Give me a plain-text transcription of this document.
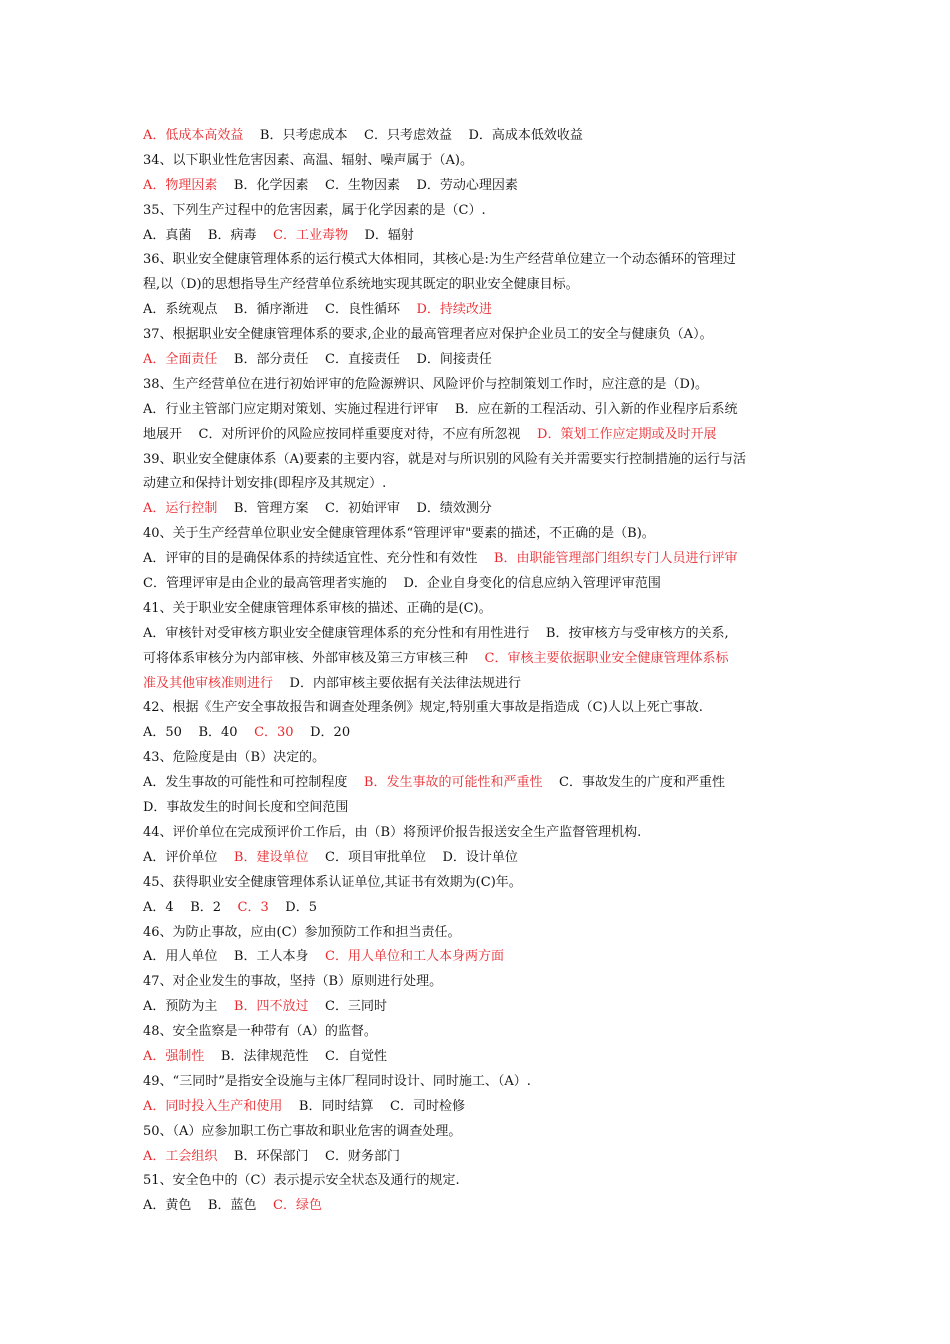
A．低成本高效益    B．只考虑成本    C．只考虑效益    D．高成本低效收益
34、以下职业性危害因素、高温、辐射、噪声属于（A)。
A．物理因素    B．化学因素    C．生物因素    D．劳动心理因素
35、下列生产过程中的危害因素，属于化学因素的是（C）.
A．真菌    B．病毒    C．工业毒物    D．辐射
36、职业安全健康管理体系的运行模式大体相同，其核心是:为生产经营单位建立一个动态循环的管理过
程,以（D)的思想指导生产经营单位系统地实现其既定的职业安全健康目标。
A．系统观点    B．循序渐进    C．良性循环    D．持续改进
37、根据职业安全健康管理体系的要求,企业的最高管理者应对保护企业员工的安全与健康负（A）。
A．全面责任    B．部分责任    C．直接责任    D．间接责任
38、生产经营单位在进行初始评审的危险源辨识、风险评价与控制策划工作时，应注意的是（D)。
A．行业主管部门应定期对策划、实施过程进行评审    B．应在新的工程活动、引入新的作业程序后系统
地展开    C．对所评价的风险应按同样重要度对待，不应有所忽视    D．策划工作应定期或及时开展
39、职业安全健康体系（A)要素的主要内容，就是对与所识别的风险有关并需要实行控制措施的运行与活
动建立和保持计划安排(即程序及其规定）.
A．运行控制    B．管理方案    C．初始评审    D．绩效测分
40、关于生产经营单位职业安全健康管理体系“管理评审"要素的描述，不正确的是（B)。
A．评审的目的是确保体系的持续适宜性、充分性和有效性    B．由职能管理部门组织专门人员进行评审
C．管理评审是由企业的最高管理者实施的    D．企业自身变化的信息应纳入管理评审范围
41、关于职业安全健康管理体系审核的描述、正确的是(C)。
A．审核针对受审核方职业安全健康管理体系的充分性和有用性进行    B．按审核方与受审核方的关系,
可将体系审核分为内部审核、外部审核及第三方审核三种    C．审核主要依据职业安全健康管理体系标
准及其他审核准则进行    D．内部审核主要依据有关法律法规进行
42、根据《生产安全事故报告和调查处理条例》规定,特别重大事故是指造成（C)人以上死亡事故.
A．50    B．40    C．30    D．20
43、危险度是由（B）决定的。
A．发生事故的可能性和可控制程度    B．发生事故的可能性和严重性    C．事故发生的广度和严重性
D．事故发生的时间长度和空间范围
44、评价单位在完成预评价工作后，由（B）将预评价报告报送安全生产监督管理机构.
A．评价单位    B．建设单位    C．项目审批单位    D．设计单位
45、获得职业安全健康管理体系认证单位,其证书有效期为(C)年。
A．4    B．2    C．3    D．5
46、为防止事故，应由(C）参加预防工作和担当责任。
A．用人单位    B．工人本身    C．用人单位和工人本身两方面
47、对企业发生的事故，坚持（B）原则进行处理。
A．预防为主    B．四不放过    C．三同时
48、安全监察是一种带有（A）的监督。
A．强制性    B．法律规范性    C．自觉性
49、“三同时”是指安全设施与主体厂程同时设计、同时施工、（A）.
A．同时投入生产和使用    B．同时结算    C．司时检修
50、（A）应参加职工伤亡事故和职业危害的调查处理。
A．工会组织    B．环保部门    C．财务部门
51、安全色中的（C）表示提示安全状态及通行的规定.
A．黄色    B．蓝色    C．绿色
